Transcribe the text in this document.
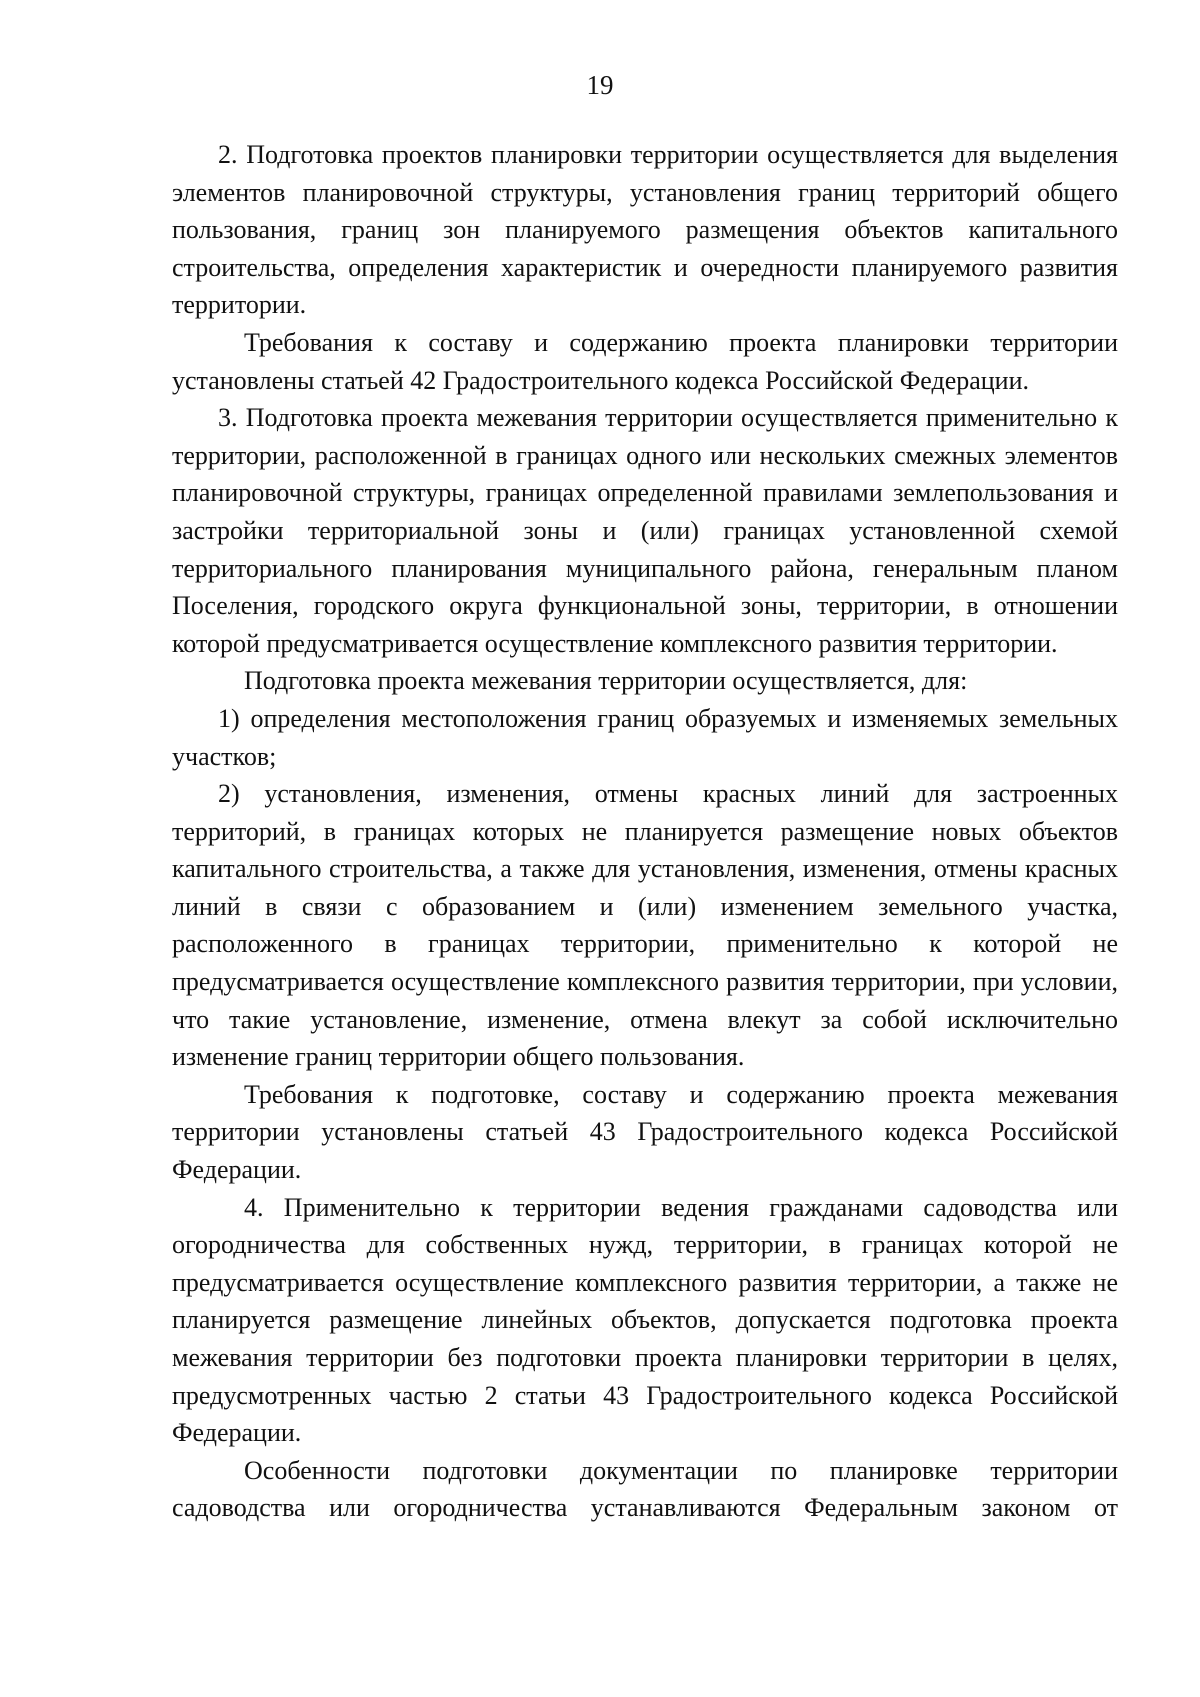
19

2. Подготовка проектов планировки территории осуществляется для выделения элементов планировочной структуры, установления границ территорий общего пользования, границ зон планируемого размещения объектов капитального строительства, определения характеристик и очередности планируемого развития территории.

Требования к составу и содержанию проекта планировки территории установлены статьей 42 Градостроительного кодекса Российской Федерации.

3. Подготовка проекта межевания территории осуществляется применительно к территории, расположенной в границах одного или нескольких смежных элементов планировочной структуры, границах определенной правилами землепользования и застройки территориальной зоны и (или) границах установленной схемой территориального планирования муниципального района, генеральным планом Поселения, городского округа функциональной зоны, территории, в отношении которой предусматривается осуществление комплексного развития территории.

Подготовка проекта межевания территории осуществляется, для:

1) определения местоположения границ образуемых и изменяемых земельных участков;

2) установления, изменения, отмены красных линий для застроенных территорий, в границах которых не планируется размещение новых объектов капитального строительства, а также для установления, изменения, отмены красных линий в связи с образованием и (или) изменением земельного участка, расположенного в границах территории, применительно к которой не предусматривается осуществление комплексного развития территории, при условии, что такие установление, изменение, отмена влекут за собой исключительно изменение границ территории общего пользования.

Требования к подготовке, составу и содержанию проекта межевания территории установлены статьей 43 Градостроительного кодекса Российской Федерации.

4. Применительно к территории ведения гражданами садоводства или огородничества для собственных нужд, территории, в границах которой не предусматривается осуществление комплексного развития территории, а также не планируется размещение линейных объектов, допускается подготовка проекта межевания территории без подготовки проекта планировки территории в целях, предусмотренных частью 2 статьи 43 Градостроительного кодекса Российской Федерации.

Особенности подготовки документации по планировке территории садоводства или огородничества устанавливаются Федеральным законом от
